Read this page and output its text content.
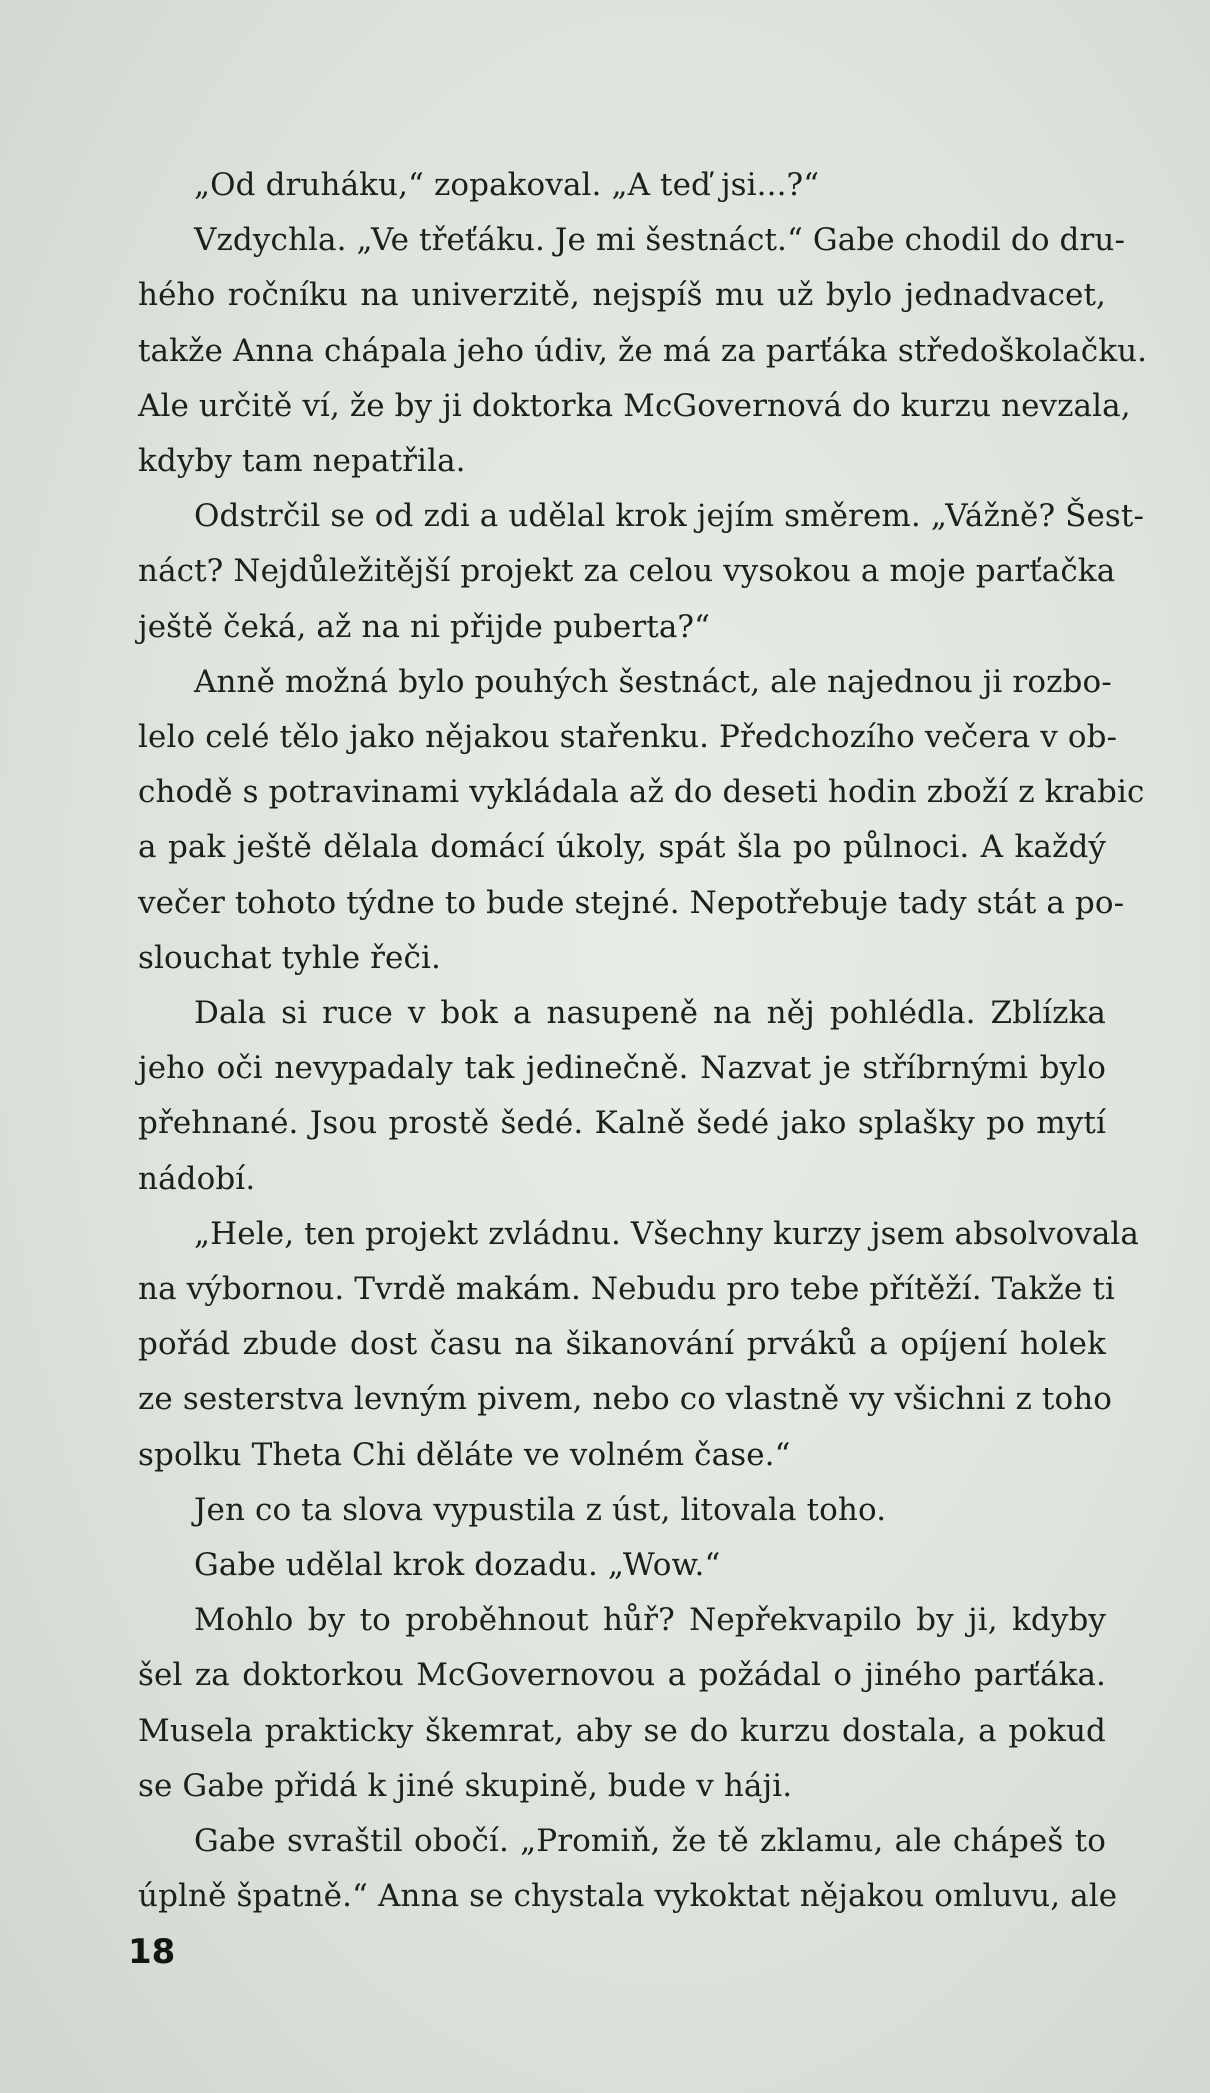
„Od druháku,“ zopakoval. „A teď jsi...?“
Vzdychla. „Ve třeťáku. Je mi šestnáct.“ Gabe chodil do dru-
hého ročníku na univerzitě, nejspíš mu už bylo jednadvacet,
takže Anna chápala jeho údiv, že má za parťáka středoškolačku.
Ale určitě ví, že by ji doktorka McGovernová do kurzu nevzala,
kdyby tam nepatřila.
Odstrčil se od zdi a udělal krok jejím směrem. „Vážně? Šest-
náct? Nejdůležitější projekt za celou vysokou a moje parťačka
ještě čeká, až na ni přijde puberta?“
Anně možná bylo pouhých šestnáct, ale najednou ji rozbo-
lelo celé tělo jako nějakou stařenku. Předchozího večera v ob-
chodě s potravinami vykládala až do deseti hodin zboží z krabic
a pak ještě dělala domácí úkoly, spát šla po půlnoci. A každý
večer tohoto týdne to bude stejné. Nepotřebuje tady stát a po-
slouchat tyhle řeči.
Dala si ruce v bok a nasupeně na něj pohlédla. Zblízka
jeho oči nevypadaly tak jedinečně. Nazvat je stříbrnými bylo
přehnané. Jsou prostě šedé. Kalně šedé jako splašky po mytí
nádobí.
„Hele, ten projekt zvládnu. Všechny kurzy jsem absolvovala
na výbornou. Tvrdě makám. Nebudu pro tebe přítěží. Takže ti
pořád zbude dost času na šikanování prváků a opíjení holek
ze sesterstva levným pivem, nebo co vlastně vy všichni z toho
spolku Theta Chi děláte ve volném čase.“
Jen co ta slova vypustila z úst, litovala toho.
Gabe udělal krok dozadu. „Wow.“
Mohlo by to proběhnout hůř? Nepřekvapilo by ji, kdyby
šel za doktorkou McGovernovou a požádal o jiného parťáka.
Musela prakticky škemrat, aby se do kurzu dostala, a pokud
se Gabe přidá k jiné skupině, bude v háji.
Gabe svraštil obočí. „Promiň, že tě zklamu, ale chápeš to
úplně špatně.“ Anna se chystala vykoktat nějakou omluvu, ale
18
